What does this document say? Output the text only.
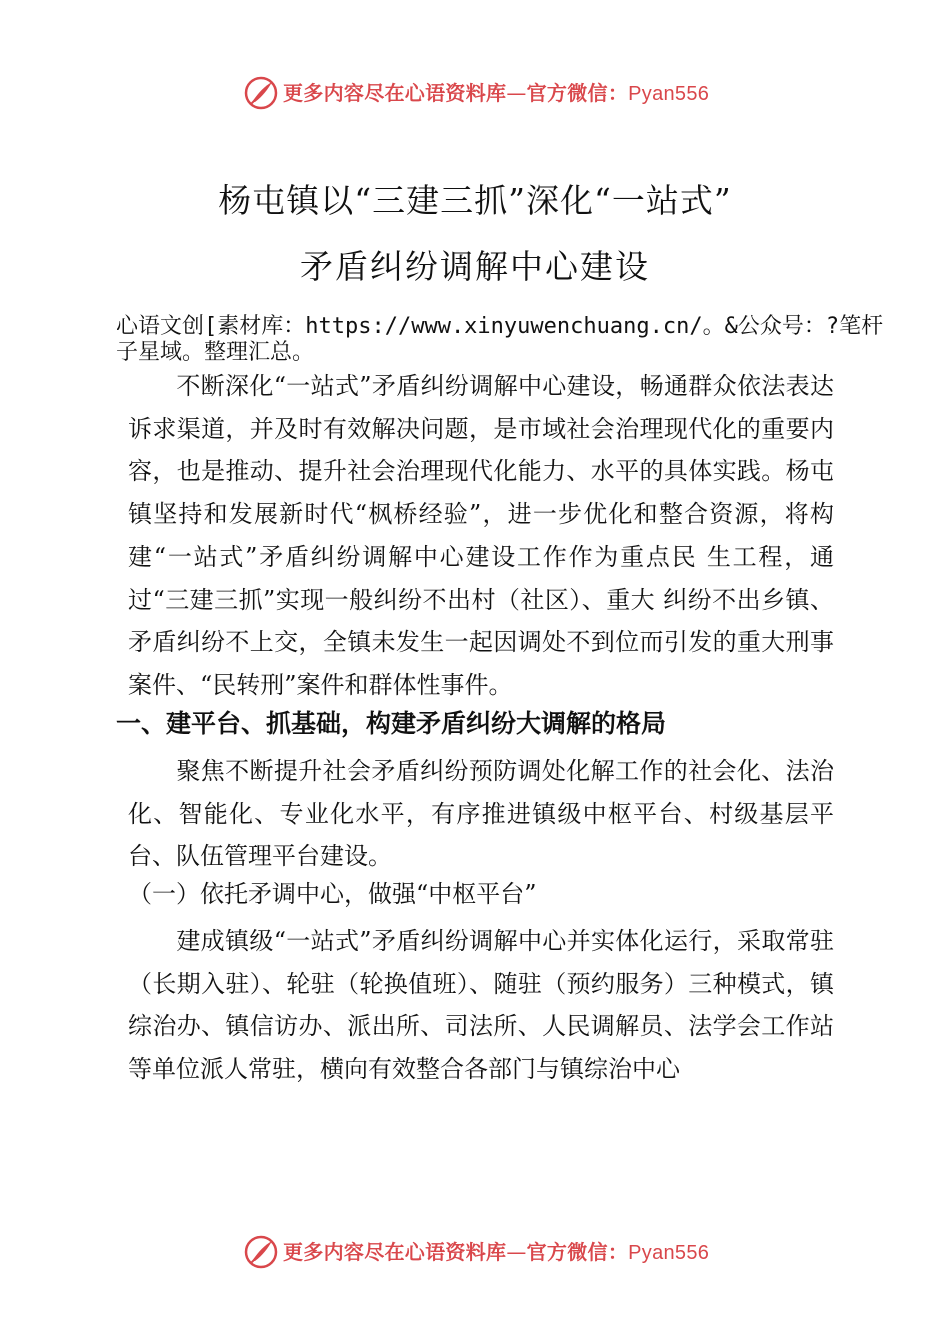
更多内容尽在心语资料库—官方微信：Pyan556
杨屯镇以“三建三抓”深化“一站式”
矛盾纠纷调解中心建设
心语文创[素材库：https://www.xinyuwenchuang.cn/。&公众号：?笔杆子星域。整理汇总。
不断深化“一站式”矛盾纠纷调解中心建设，畅通群众依法表达诉求渠道，并及时有效解决问题，是市域社会治理现代化的重要内容，也是推动、提升社会治理现代化能力、水平的具体实践。杨屯镇坚持和发展新时代“枫桥经验”，进一步优化和整合资源，将构建“一站式”矛盾纠纷调解中心建设工作作为重点民 生工程，通过“三建三抓”实现一般纠纷不出村（社区）、重大 纠纷不出乡镇、矛盾纠纷不上交，全镇未发生一起因调处不到位而引发的重大刑事案件、“民转刑”案件和群体性事件。
一、建平台、抓基础，构建矛盾纠纷大调解的格局
聚焦不断提升社会矛盾纠纷预防调处化解工作的社会化、法治化、智能化、专业化水平，有序推进镇级中枢平台、村级基层平台、队伍管理平台建设。
（一）依托矛调中心，做强“中枢平台”
建成镇级“一站式”矛盾纠纷调解中心并实体化运行，采取常驻（长期入驻）、轮驻（轮换值班）、随驻（预约服务）三种模式，镇综治办、镇信访办、派出所、司法所、人民调解员、法学会工作站等单位派人常驻，横向有效整合各部门与镇综治中心
更多内容尽在心语资料库—官方微信：Pyan556
